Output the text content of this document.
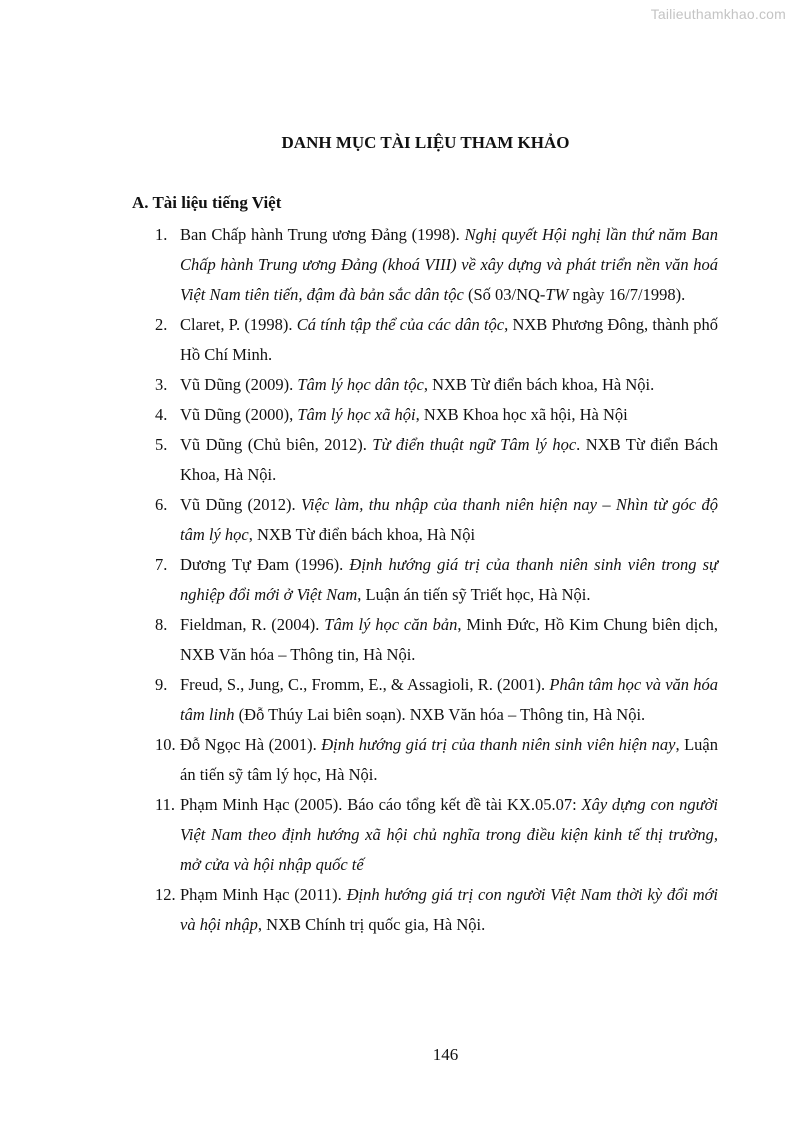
Tailieuthamkhao.com
DANH MỤC TÀI LIỆU THAM KHẢO
A. Tài liệu tiếng Việt
1. Ban Chấp hành Trung ương Đảng (1998). Nghị quyết Hội nghị lần thứ năm Ban Chấp hành Trung ương Đảng (khoá VIII) về xây dựng và phát triển nền văn hoá Việt Nam tiên tiến, đậm đà bản sắc dân tộc (Số 03/NQ-TW ngày 16/7/1998).
2. Claret, P. (1998). Cá tính tập thể của các dân tộc, NXB Phương Đông, thành phố Hồ Chí Minh.
3. Vũ Dũng (2009). Tâm lý học dân tộc, NXB Từ điển bách khoa, Hà Nội.
4. Vũ Dũng (2000), Tâm lý học xã hội, NXB Khoa học xã hội, Hà Nội
5. Vũ Dũng (Chủ biên, 2012). Từ điển thuật ngữ Tâm lý học. NXB Từ điển Bách Khoa, Hà Nội.
6. Vũ Dũng (2012). Việc làm, thu nhập của thanh niên hiện nay – Nhìn từ góc độ tâm lý học, NXB Từ điển bách khoa, Hà Nội
7. Dương Tự Đam (1996). Định hướng giá trị của thanh niên sinh viên trong sự nghiệp đổi mới ở Việt Nam, Luận án tiến sỹ Triết học, Hà Nội.
8. Fieldman, R. (2004). Tâm lý học căn bản, Minh Đức, Hồ Kim Chung biên dịch, NXB Văn hóa – Thông tin, Hà Nội.
9. Freud, S., Jung, C., Fromm, E., & Assagioli, R. (2001). Phân tâm học và văn hóa tâm linh (Đỗ Thúy Lai biên soạn). NXB Văn hóa – Thông tin, Hà Nội.
10. Đỗ Ngọc Hà (2001). Định hướng giá trị của thanh niên sinh viên hiện nay, Luận án tiến sỹ tâm lý học, Hà Nội.
11. Phạm Minh Hạc (2005). Báo cáo tổng kết đề tài KX.05.07: Xây dựng con người Việt Nam theo định hướng xã hội chủ nghĩa trong điều kiện kinh tế thị trường, mở cửa và hội nhập quốc tế
12. Phạm Minh Hạc (2011). Định hướng giá trị con người Việt Nam thời kỳ đổi mới và hội nhập, NXB Chính trị quốc gia, Hà Nội.
146
